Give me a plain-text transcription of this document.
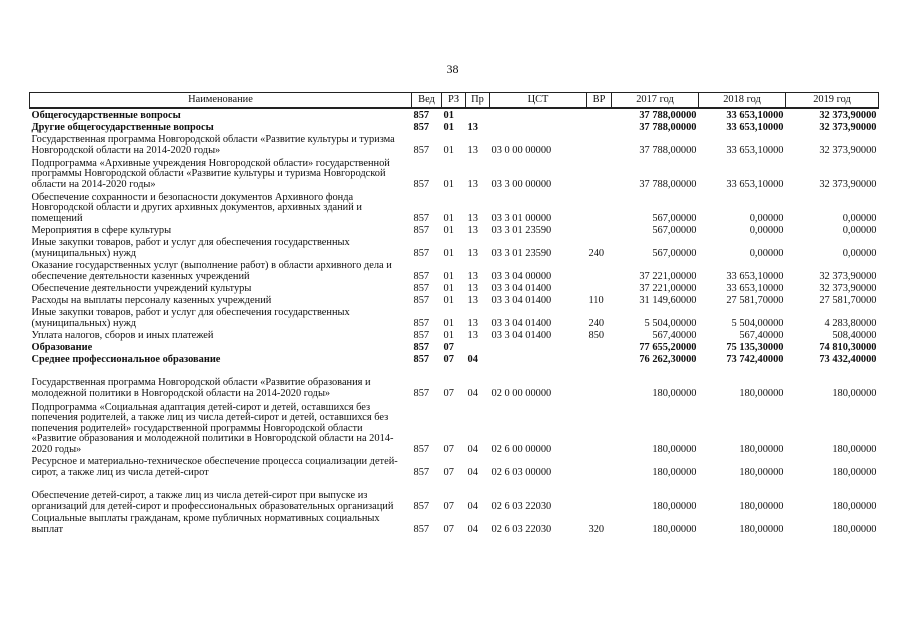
38
Наименование	Вед	РЗ	Пр	ЦСТ	ВР	2017 год	2018 год	2019 год
Общегосударственные вопросы	857	01				37 788,00000	33 653,10000	32 373,90000
Другие общегосударственные вопросы	857	01	13			37 788,00000	33 653,10000	32 373,90000
Государственная программа Новгородской области «Развитие культуры и туризма Новгородской области на 2014-2020 годы»	857	01	13	03 0 00 00000		37 788,00000	33 653,10000	32 373,90000
Подпрограмма «Архивные учреждения Новгородской области» государственной программы Новгородской области «Развитие культуры и туризма Новгородской области на 2014-2020 годы»	857	01	13	03 3 00 00000		37 788,00000	33 653,10000	32 373,90000
Обеспечение сохранности и безопасности документов Архивного фонда Новгородской области и других архивных документов, архивных зданий и помещений	857	01	13	03 3 01 00000		567,00000	0,00000	0,00000
Мероприятия в сфере культуры	857	01	13	03 3 01 23590		567,00000	0,00000	0,00000
Иные закупки товаров, работ и услуг для обеспечения государственных (муниципальных) нужд	857	01	13	03 3 01 23590	240	567,00000	0,00000	0,00000
Оказание государственных услуг (выполнение работ) в области архивного дела и обеспечение деятельности казенных учреждений	857	01	13	03 3 04 00000		37 221,00000	33 653,10000	32 373,90000
Обеспечение деятельности учреждений культуры	857	01	13	03 3 04 01400		37 221,00000	33 653,10000	32 373,90000
Расходы на выплаты персоналу казенных учреждений	857	01	13	03 3 04 01400	110	31 149,60000	27 581,70000	27 581,70000
Иные закупки товаров, работ и услуг для обеспечения государственных (муниципальных) нужд	857	01	13	03 3 04 01400	240	5 504,00000	5 504,00000	4 283,80000
Уплата налогов, сборов и иных платежей	857	01	13	03 3 04 01400	850	567,40000	567,40000	508,40000
Образование	857	07				77 655,20000	75 135,30000	74 810,30000
Среднее профессиональное образование	857	07	04			76 262,30000	73 742,40000	73 432,40000
Государственная программа Новгородской области «Развитие образования и молодежной политики в Новгородской области на 2014-2020 годы»	857	07	04	02 0 00 00000		180,00000	180,00000	180,00000
Подпрограмма «Социальная адаптация детей-сирот и детей, оставшихся без попечения родителей, а также лиц из числа детей-сирот и детей, оставшихся без попечения родителей» государственной программы Новгородской области «Развитие образования и молодежной политики в Новгородской области на 2014-2020 годы»	857	07	04	02 6 00 00000		180,00000	180,00000	180,00000
Ресурсное и материально-техническое обеспечение процесса социализации детей-сирот, а также лиц из числа детей-сирот	857	07	04	02 6 03 00000		180,00000	180,00000	180,00000
Обеспечение детей-сирот, а также лиц из числа детей-сирот при выпуске из организаций для детей-сирот и профессиональных образовательных организаций	857	07	04	02 6 03 22030		180,00000	180,00000	180,00000
Социальные выплаты гражданам, кроме публичных нормативных социальных выплат	857	07	04	02 6 03 22030	320	180,00000	180,00000	180,00000
